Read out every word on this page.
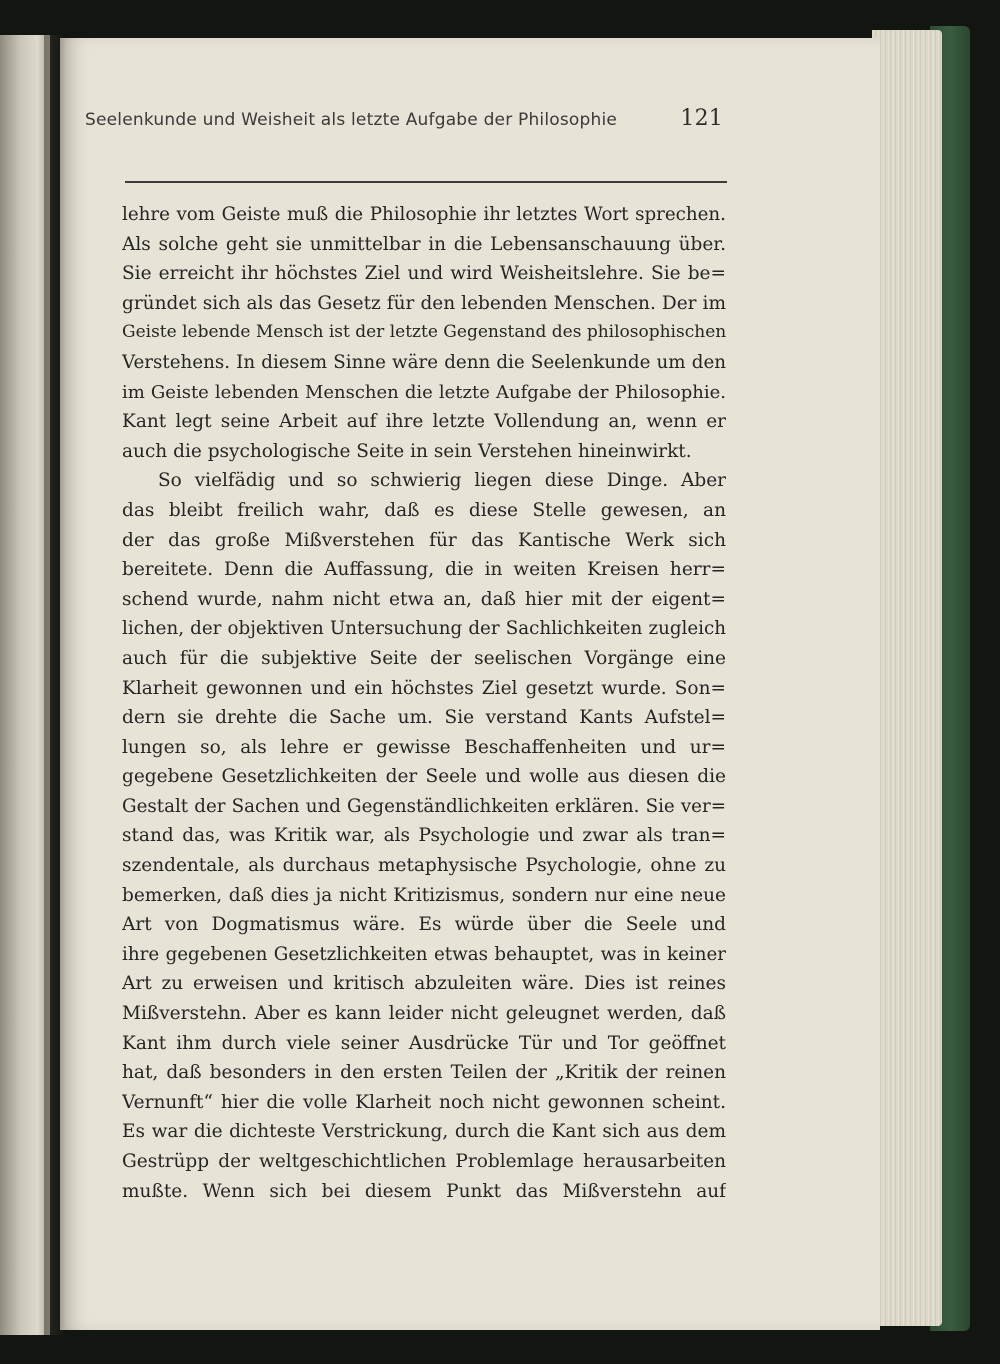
Seelenkunde und Weisheit als letzte Aufgabe der Philosophie	121
lehre vom Geiste muß die Philosophie ihr letztes Wort sprechen.
Als solche geht sie unmittelbar in die Lebensanschauung über.
Sie erreicht ihr höchstes Ziel und wird Weisheitslehre. Sie be=
gründet sich als das Gesetz für den lebenden Menschen. Der im
Geiste lebende Mensch ist der letzte Gegenstand des philosophischen
Verstehens. In diesem Sinne wäre denn die Seelenkunde um den
im Geiste lebenden Menschen die letzte Aufgabe der Philosophie.
Kant legt seine Arbeit auf ihre letzte Vollendung an, wenn er
auch die psychologische Seite in sein Verstehen hineinwirkt.
So vielfädig und so schwierig liegen diese Dinge. Aber
das bleibt freilich wahr, daß es diese Stelle gewesen, an
der das große Mißverstehen für das Kantische Werk sich
bereitete. Denn die Auffassung, die in weiten Kreisen herr=
schend wurde, nahm nicht etwa an, daß hier mit der eigent=
lichen, der objektiven Untersuchung der Sachlichkeiten zugleich
auch für die subjektive Seite der seelischen Vorgänge eine
Klarheit gewonnen und ein höchstes Ziel gesetzt wurde. Son=
dern sie drehte die Sache um. Sie verstand Kants Aufstel=
lungen so, als lehre er gewisse Beschaffenheiten und ur=
gegebene Gesetzlichkeiten der Seele und wolle aus diesen die
Gestalt der Sachen und Gegenständlichkeiten erklären. Sie ver=
stand das, was Kritik war, als Psychologie und zwar als tran=
szendentale, als durchaus metaphysische Psychologie, ohne zu
bemerken, daß dies ja nicht Kritizismus, sondern nur eine neue
Art von Dogmatismus wäre. Es würde über die Seele und
ihre gegebenen Gesetzlichkeiten etwas behauptet, was in keiner
Art zu erweisen und kritisch abzuleiten wäre. Dies ist reines
Mißverstehn. Aber es kann leider nicht geleugnet werden, daß
Kant ihm durch viele seiner Ausdrücke Tür und Tor geöffnet
hat, daß besonders in den ersten Teilen der „Kritik der reinen
Vernunft“ hier die volle Klarheit noch nicht gewonnen scheint.
Es war die dichteste Verstrickung, durch die Kant sich aus dem
Gestrüpp der weltgeschichtlichen Problemlage herausarbeiten
mußte. Wenn sich bei diesem Punkt das Mißverstehn auf
